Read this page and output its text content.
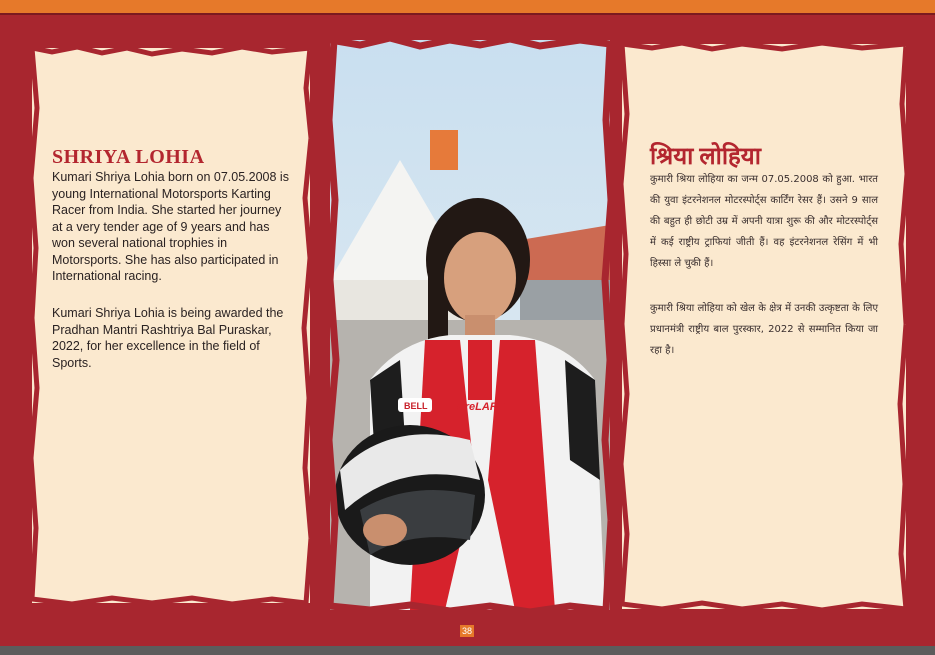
SHRIYA LOHIA

Kumari Shriya Lohia born on 07.05.2008 is young International Motorsports Karting Racer from India. She started her journey at a very tender age of 9 years and has won several national trophies in Motorsports. She has also participated in International racing.

Kumari Shriya Lohia is being awarded the Pradhan Mantri Rashtriya Bal Puraskar, 2022, for her excellence in the field of Sports.

bireLART
BELL
श्रिया लोहिया

कुमारी श्रिया लोहिया का जन्म 07.05.2008 को हुआ. भारत की युवा इंटरनेशनल मोटरस्पोर्ट्स कार्टिंग रेसर हैं। उसने 9 साल की बहुत ही छोटी उम्र में अपनी यात्रा शुरू की और मोटरस्पोर्ट्स में कई राष्ट्रीय ट्राफियां जीती हैं। वह इंटरनेशनल रेसिंग में भी हिस्सा ले चुकी हैं।

कुमारी श्रिया लोहिया को खेल के क्षेत्र में उनकी उत्कृष्टता के लिए प्रधानमंत्री राष्ट्रीय बाल पुरस्कार, 2022 से सम्मानित किया जा रहा है।

38
